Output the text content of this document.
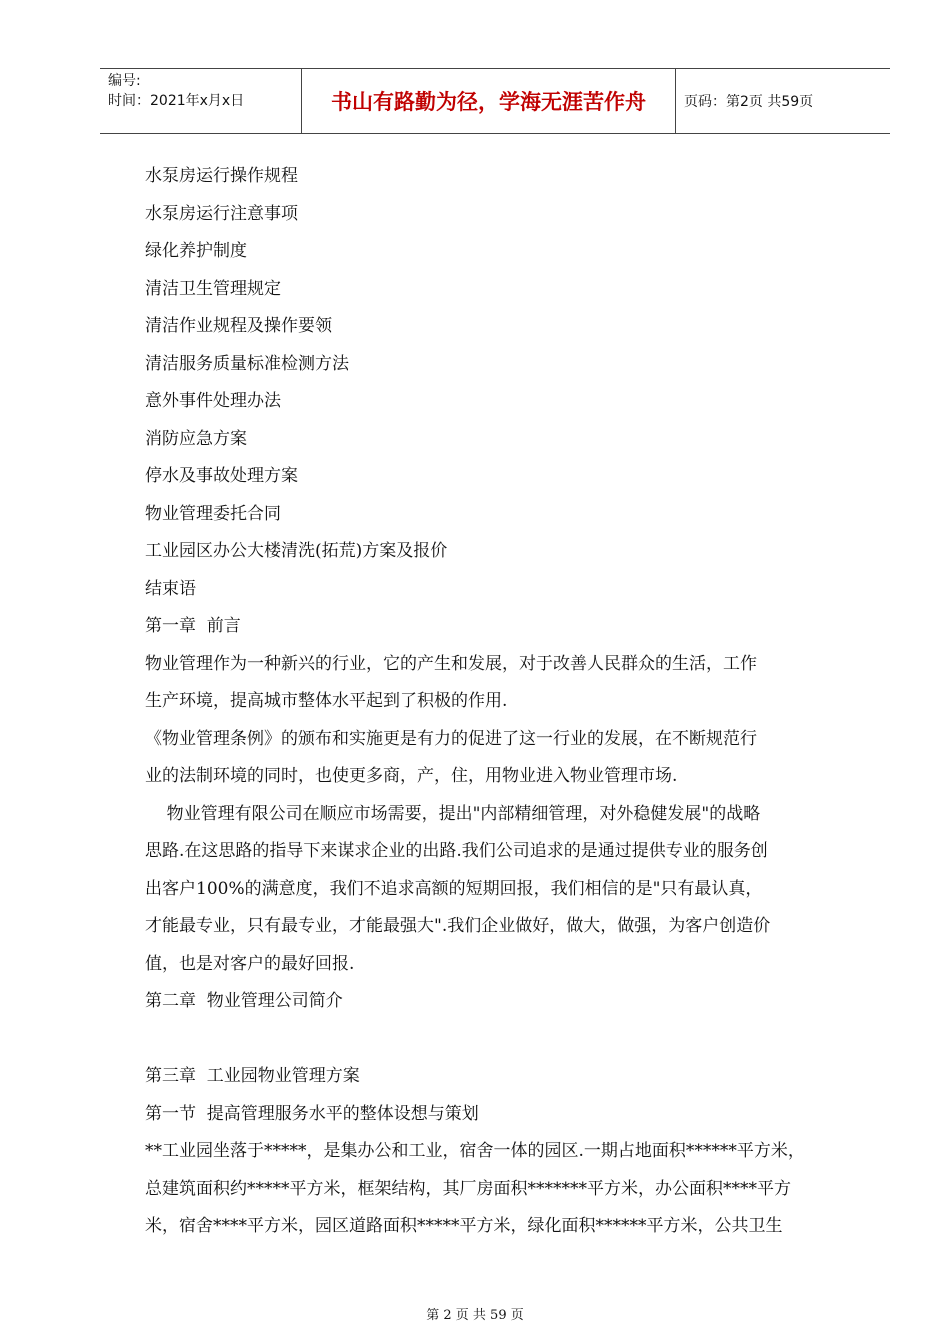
编号:
时间：2021年x月x日	书山有路勤为径，学海无涯苦作舟	页码：第2页 共59页
水泵房运行操作规程
水泵房运行注意事项
绿化养护制度
清洁卫生管理规定
清洁作业规程及操作要领
清洁服务质量标准检测方法
意外事件处理办法
消防应急方案
停水及事故处理方案
物业管理委托合同
工业园区办公大楼清洗(拓荒)方案及报价
结束语
第一章  前言
物业管理作为一种新兴的行业，它的产生和发展，对于改善人民群众的生活，工作
生产环境，提高城市整体水平起到了积极的作用.
《物业管理条例》的颁布和实施更是有力的促进了这一行业的发展，在不断规范行
业的法制环境的同时，也使更多商，产，住，用物业进入物业管理市场.
物业管理有限公司在顺应市场需要，提出"内部精细管理，对外稳健发展"的战略
思路.在这思路的指导下来谋求企业的出路.我们公司追求的是通过提供专业的服务创
出客户100%的满意度，我们不追求高额的短期回报，我们相信的是"只有最认真，
才能最专业，只有最专业，才能最强大".我们企业做好，做大，做强，为客户创造价
值，也是对客户的最好回报.
第二章  物业管理公司简介
第三章  工业园物业管理方案
第一节  提高管理服务水平的整体设想与策划
**工业园坐落于*****，是集办公和工业，宿舍一体的园区.一期占地面积******平方米，
总建筑面积约*****平方米，框架结构，其厂房面积*******平方米，办公面积****平方
米，宿舍****平方米，园区道路面积*****平方米，绿化面积******平方米，公共卫生
第 2 页 共 59 页
